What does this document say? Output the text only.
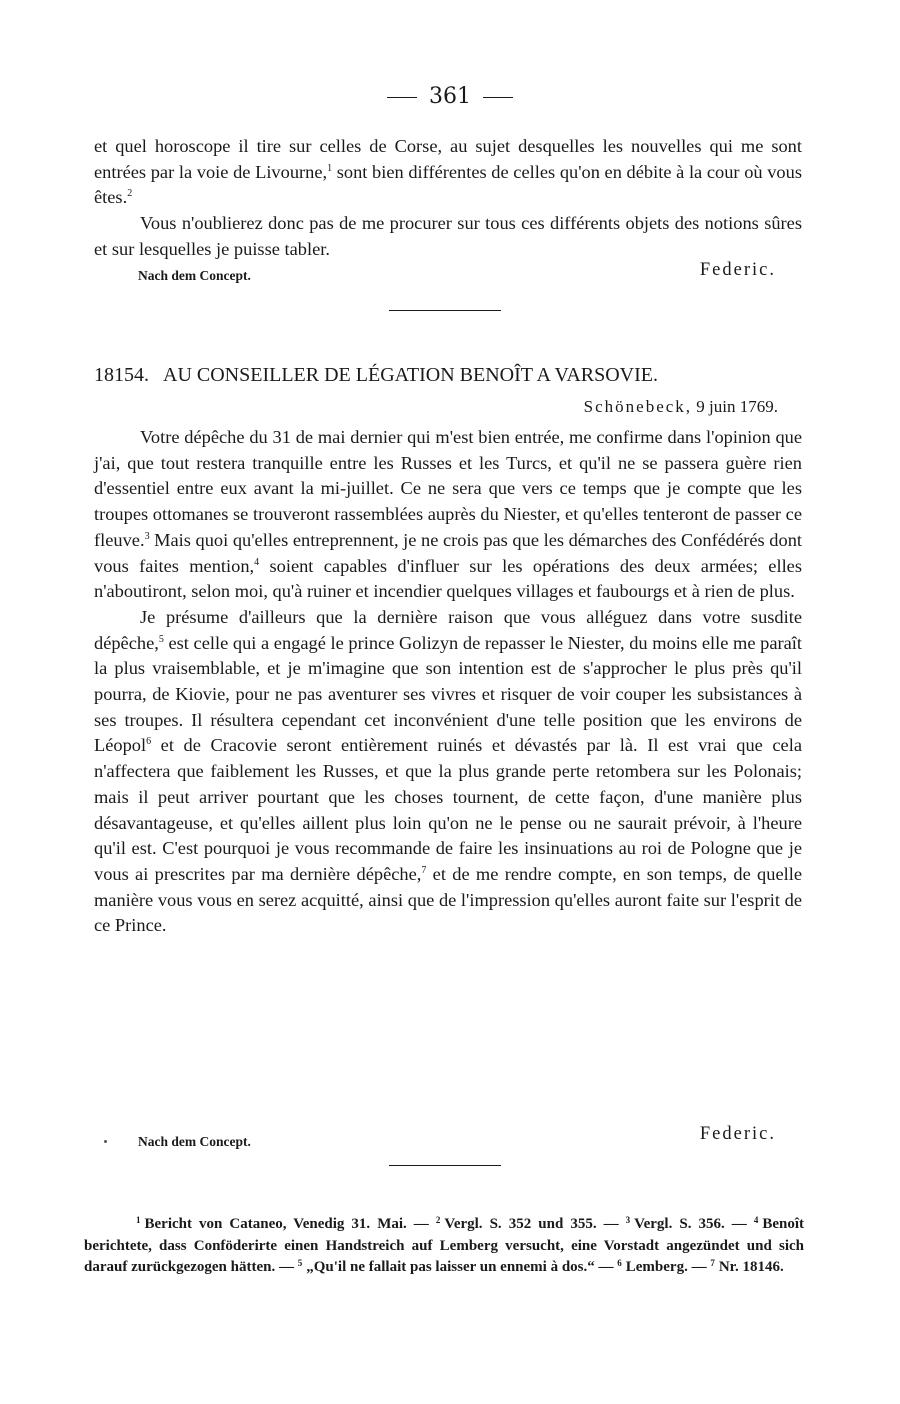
361

et quel horoscope il tire sur celles de Corse, au sujet desquelles les nouvelles qui me sont entrées par la voie de Livourne,$^1$ sont bien différentes de celles qu'on en débite à la cour où vous êtes.$^2$

Vous n'oublierez donc pas de me procurer sur tous ces différents objets des notions sûres et sur lesquelles je puisse tabler.

Nach dem Concept.	Federic.
18154. AU CONSEILLER DE LÉGATION BENOÎT A VARSOVIE.
Schönebeck, 9 juin 1769.

Votre dépêche du 31 de mai dernier qui m'est bien entrée, me confirme dans l'opinion que j'ai, que tout restera tranquille entre les Russes et les Turcs, et qu'il ne se passera guère rien d'essentiel entre eux avant la mi-juillet. Ce ne sera que vers ce temps que je compte que les troupes ottomanes se trouveront rassemblées auprès du Niester, et qu'elles tenteront de passer ce fleuve.$^3$ Mais quoi qu'elles entreprennent, je ne crois pas que les démarches des Confédérés dont vous faites mention,$^4$ soient capables d'influer sur les opérations des deux armées; elles n'aboutiront, selon moi, qu'à ruiner et incendier quelques villages et faubourgs et à rien de plus.

Je présume d'ailleurs que la dernière raison que vous alléguez dans votre susdite dépêche,$^5$ est celle qui a engagé le prince Golizyn de repasser le Niester, du moins elle me paraît la plus vraisemblable, et je m'imagine que son intention est de s'approcher le plus près qu'il pourra, de Kiovie, pour ne pas aventurer ses vivres et risquer de voir couper les subsistances à ses troupes. Il résultera cependant cet inconvénient d'une telle position que les environs de Léopol$^6$ et de Cracovie seront entièrement ruinés et dévastés par là. Il est vrai que cela n'affectera que faiblement les Russes, et que la plus grande perte retombera sur les Polonais; mais il peut arriver pourtant que les choses tournent, de cette façon, d'une manière plus désavantageuse, et qu'elles aillent plus loin qu'on ne le pense ou ne saurait prévoir, à l'heure qu'il est. C'est pourquoi je vous recommande de faire les insinuations au roi de Pologne que je vous ai prescrites par ma dernière dépêche,$^7$ et de me rendre compte, en son temps, de quelle manière vous vous en serez acquitté, ainsi que de l'impression qu'elles auront faite sur l'esprit de ce Prince.

Nach dem Concept.	Federic.

$^1$ Bericht von Cataneo, Venedig 31. Mai. — $^2$ Vergl. S. 352 und 355. — $^3$ Vergl. S. 356. — $^4$ Benoît berichtete, dass Conföderirte einen Handstreich auf Lemberg versucht, eine Vorstadt angezündet und sich darauf zurückgezogen hätten. — $^5$ „Qu'il ne fallait pas laisser un ennemi à dos.“ — $^6$ Lemberg. — $^7$ Nr. 18146.
